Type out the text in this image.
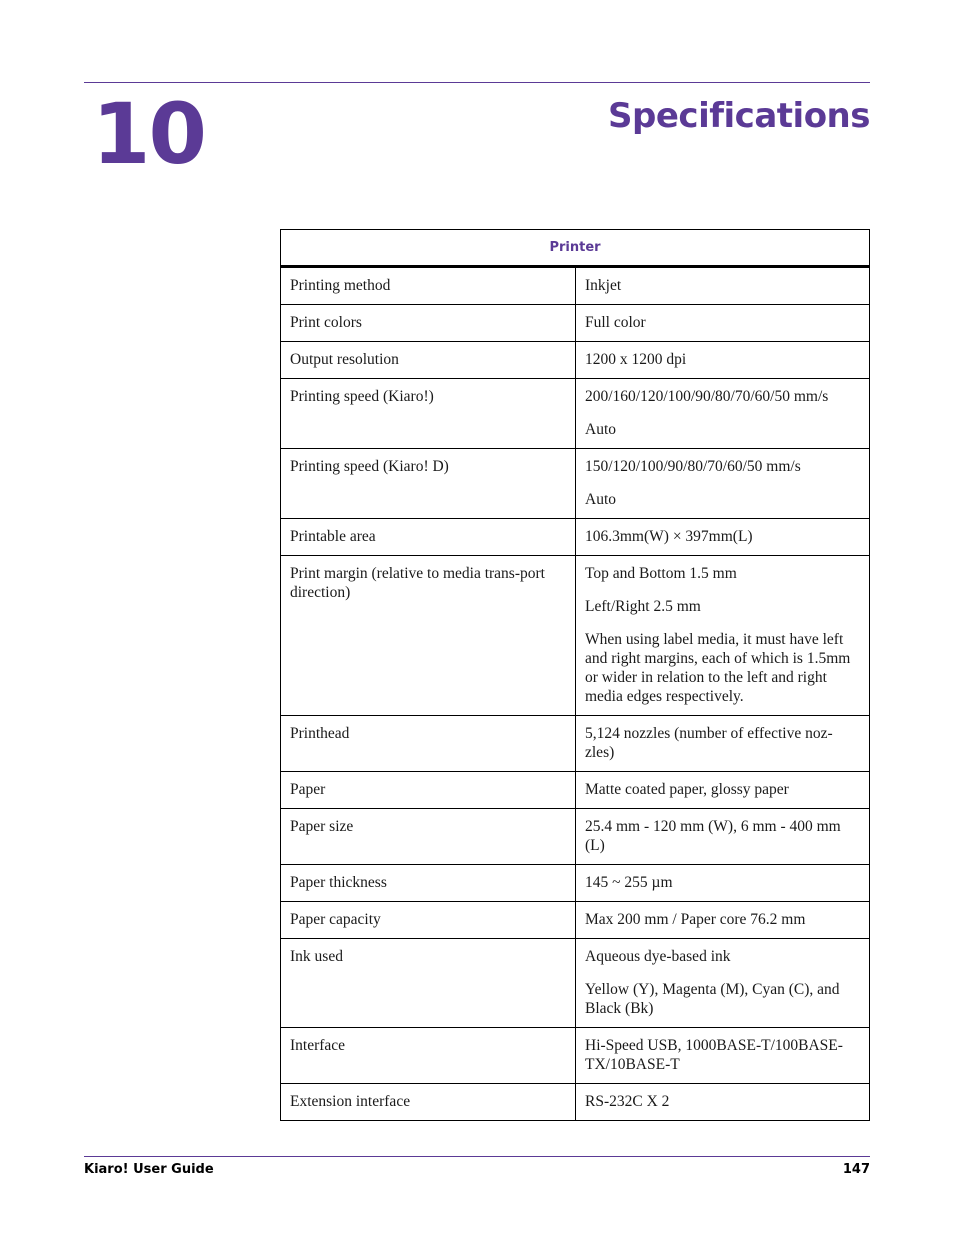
10	Specifications
Printer	
Printing method	Inkjet

Print colors	Full color

Output resolution	1200 x 1200 dpi

Printing speed (Kiaro!)	200/160/120/100/90/80/70/60/50 mm/s
Auto

Printing speed (Kiaro! D)	150/120/100/90/80/70/60/50 mm/s
Auto

Printable area	106.3mm(W) × 397mm(L)

Print margin (relative to media trans-port direction)	Top and Bottom 1.5 mm
Left/Right 2.5 mm
When using label media, it must have left and right margins, each of which is 1.5mm or wider in relation to the left and right media edges respectively.

Printhead	5,124 nozzles (number of effective noz-zles)

Paper	Matte coated paper, glossy paper

Paper size	25.4 mm - 120 mm (W), 6 mm - 400 mm (L)

Paper thickness	145 ~ 255 µm

Paper capacity	Max 200 mm / Paper core 76.2 mm

Ink used	Aqueous dye-based ink
Yellow (Y), Magenta (M), Cyan (C), and Black (Bk)

Interface	Hi-Speed USB, 1000BASE-T/100BASE-TX/10BASE-T

Extension interface	RS-232C X 2
Kiaro! User Guide	147
